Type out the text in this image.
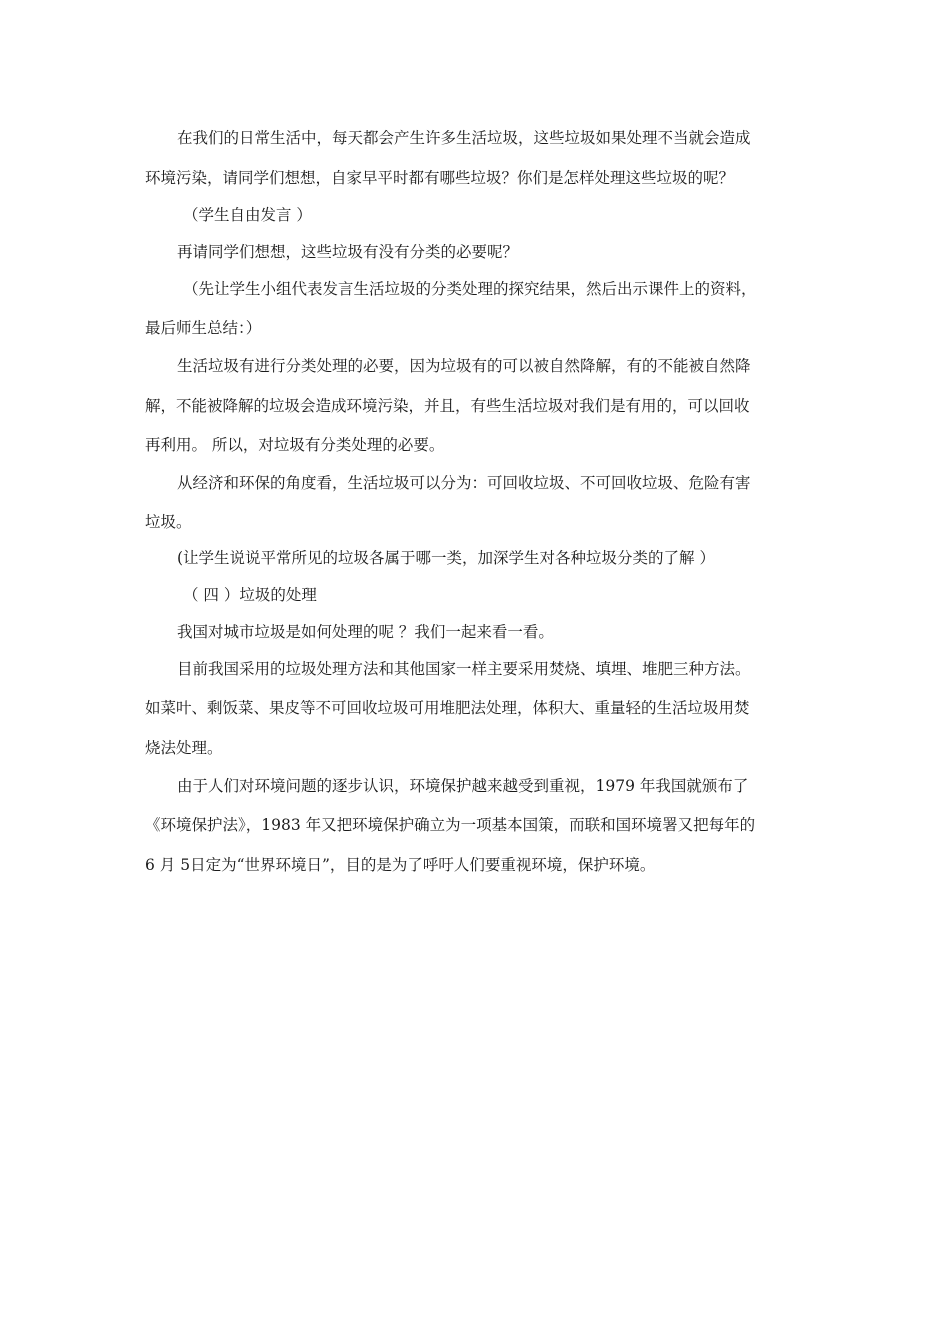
在我们的日常生活中，每天都会产生许多生活垃圾，这些垃圾如果处理不当就会造成
环境污染，请同学们想想，自家早平时都有哪些垃圾？你们是怎样处理这些垃圾的呢？
（学生自由发言 ）
再请同学们想想，这些垃圾有没有分类的必要呢？
（先让学生小组代表发言生活垃圾的分类处理的探究结果，然后出示课件上的资料，
最后师生总结：）
生活垃圾有进行分类处理的必要，因为垃圾有的可以被自然降解，有的不能被自然降
解，不能被降解的垃圾会造成环境污染，并且，有些生活垃圾对我们是有用的，可以回收
再利用。 所以，对垃圾有分类处理的必要。
从经济和环保的角度看，生活垃圾可以分为：可回收垃圾、不可回收垃圾、危险有害
垃圾。
(让学生说说平常所见的垃圾各属于哪一类，加深学生对各种垃圾分类的了解 ）
（ 四 ）垃圾的处理
我国对城市垃圾是如何处理的呢 ？我们一起来看一看。
目前我国采用的垃圾处理方法和其他国家一样主要采用焚烧、填埋、堆肥三种方法。
如菜叶、剩饭菜、果皮等不可回收垃圾可用堆肥法处理，体积大、重量轻的生活垃圾用焚
烧法处理。
由于人们对环境问题的逐步认识，环境保护越来越受到重视，1979 年我国就颁布了
《环境保护法》，1983 年又把环境保护确立为一项基本国策，而联和国环境署又把每年的
6 月 5日定为“世界环境日”，目的是为了呼吁人们要重视环境，保护环境。
